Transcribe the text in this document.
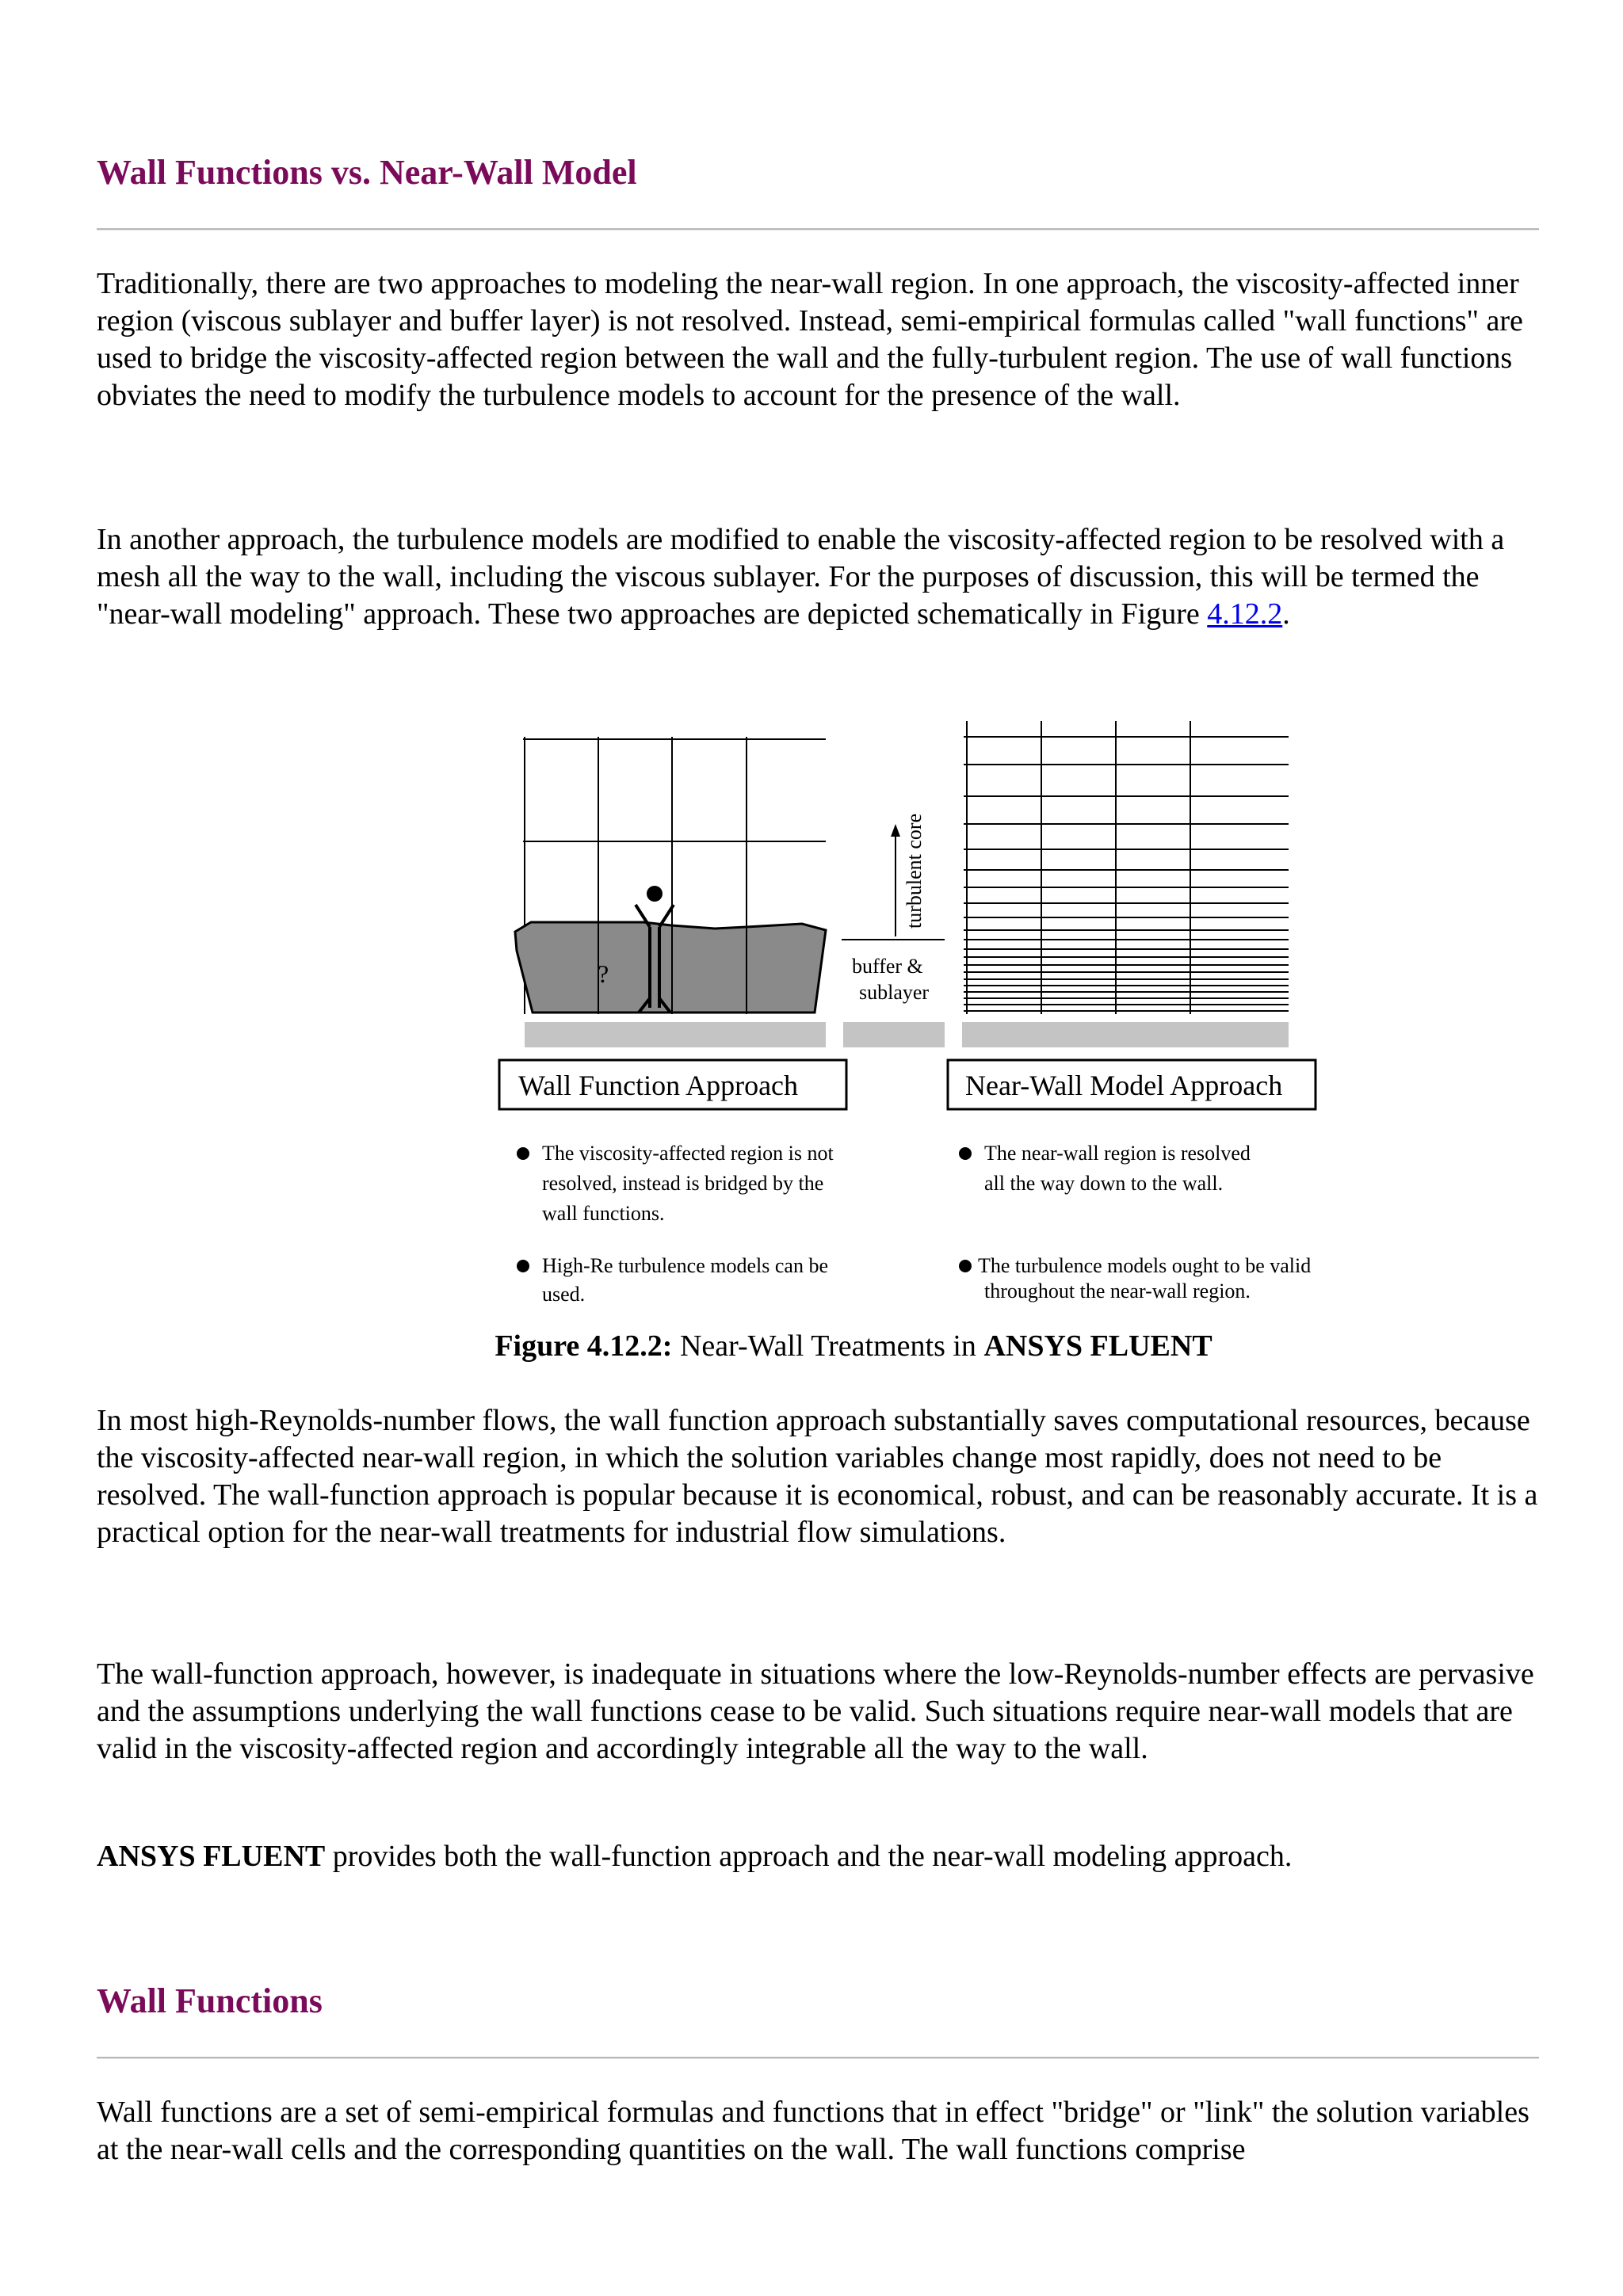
Wall Functions vs. Near-Wall Model

Traditionally, there are two approaches to modeling the near-wall region. In one approach, the viscosity-affected inner region (viscous sublayer and buffer layer) is not resolved. Instead, semi-empirical formulas called "wall functions" are used to bridge the viscosity-affected region between the wall and the fully-turbulent region. The use of wall functions obviates the need to modify the turbulence models to account for the presence of the wall.

In another approach, the turbulence models are modified to enable the viscosity-affected region to be resolved with a mesh all the way to the wall, including the viscous sublayer. For the purposes of discussion, this will be termed the "near-wall modeling" approach. These two approaches are depicted schematically in Figure 4.12.2.

?
turbulent core
buffer &
sublayer
Wall Function Approach	Near-Wall Model Approach
The viscosity-affected region is not
resolved, instead is bridged by the
wall functions.
High-Re turbulence models can be
used.
The near-wall region is resolved
all the way down to the wall.
The turbulence models ought to be valid
throughout the near-wall region.

Figure 4.12.2: Near-Wall Treatments in ANSYS FLUENT

In most high-Reynolds-number flows, the wall function approach substantially saves computational resources, because the viscosity-affected near-wall region, in which the solution variables change most rapidly, does not need to be resolved. The wall-function approach is popular because it is economical, robust, and can be reasonably accurate. It is a practical option for the near-wall treatments for industrial flow simulations.

The wall-function approach, however, is inadequate in situations where the low-Reynolds-number effects are pervasive and the assumptions underlying the wall functions cease to be valid. Such situations require near-wall models that are valid in the viscosity-affected region and accordingly integrable all the way to the wall.

ANSYS FLUENT provides both the wall-function approach and the near-wall modeling approach.

Wall Functions

Wall functions are a set of semi-empirical formulas and functions that in effect "bridge" or "link" the solution variables at the near-wall cells and the corresponding quantities on the wall. The wall functions comprise
